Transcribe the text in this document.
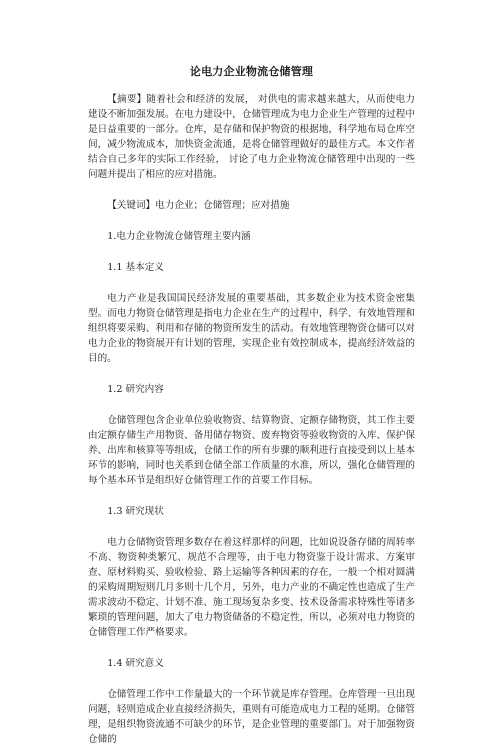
论电力企业物流仓储管理

【摘要】随着社会和经济的发展， 对供电的需求越来越大，从而使电力建设不断加强发展。在电力建设中，仓储管理成为电力企业生产管理的过程中是日益重要的一部分。仓库，是存储和保护物资的根据地，科学地布局仓库空间，减少物流成本，加快资金流通，是将仓储管理做好的最佳方式。本文作者结合自己多年的实际工作经验， 讨论了电力企业物流仓储管理中出现的一些问题并提出了相应的应对措施。

【关键词】电力企业；仓储管理；应对措施

1.电力企业物流仓储管理主要内涵

1.1 基本定义

电力产业是我国国民经济发展的重要基础，其多数企业为技术资金密集型。而电力物资仓储管理是指电力企业在生产的过程中，科学、有效地管理和组织将要采购、利用和存储的物资所发生的活动。有效地管理物资仓储可以对电力企业的物资展开有计划的管理，实现企业有效控制成本，提高经济效益的目的。

1.2 研究内容

仓储管理包含企业单位验收物资、结算物资、定额存储物资，其工作主要由定额存储生产用物资、备用储存物资、废弃物资等验收物资的入库、保护保养、出库和核算等等组成，仓储工作的所有步骤的顺利进行直接受到以上基本环节的影响，同时也关系到仓储全部工作质量的水准，所以，强化仓储管理的每个基本环节是组织好仓储管理工作的首要工作目标。

1.3 研究现状

电力仓储物资管理多数存在着这样那样的问题，比如说设备存储的周转率不高、物资种类繁冗、规范不合理等，由于电力物资鉴于设计需求、方案审查、原材料购买、验收检验、路上运输等各种因素的存在，一般一个相对圆满的采购周期短则几月多则十几个月，另外，电力产业的不确定性也造成了生产需求波动不稳定、计划不准、施工现场复杂多变、技术设备需求特殊性等诸多繁琐的管理问题，加大了电力物资储备的不稳定性，所以，必须对电力物资的仓储管理工作严格要求。

1.4 研究意义

仓储管理工作中工作量最大的一个环节就是库存管理。仓库管理一旦出现问题，轻则造成企业直接经济损失，重则有可能造成电力工程的延期。仓储管理，是组织物资流通不可缺少的环节，是企业管理的重要部门。对于加强物资仓储的
